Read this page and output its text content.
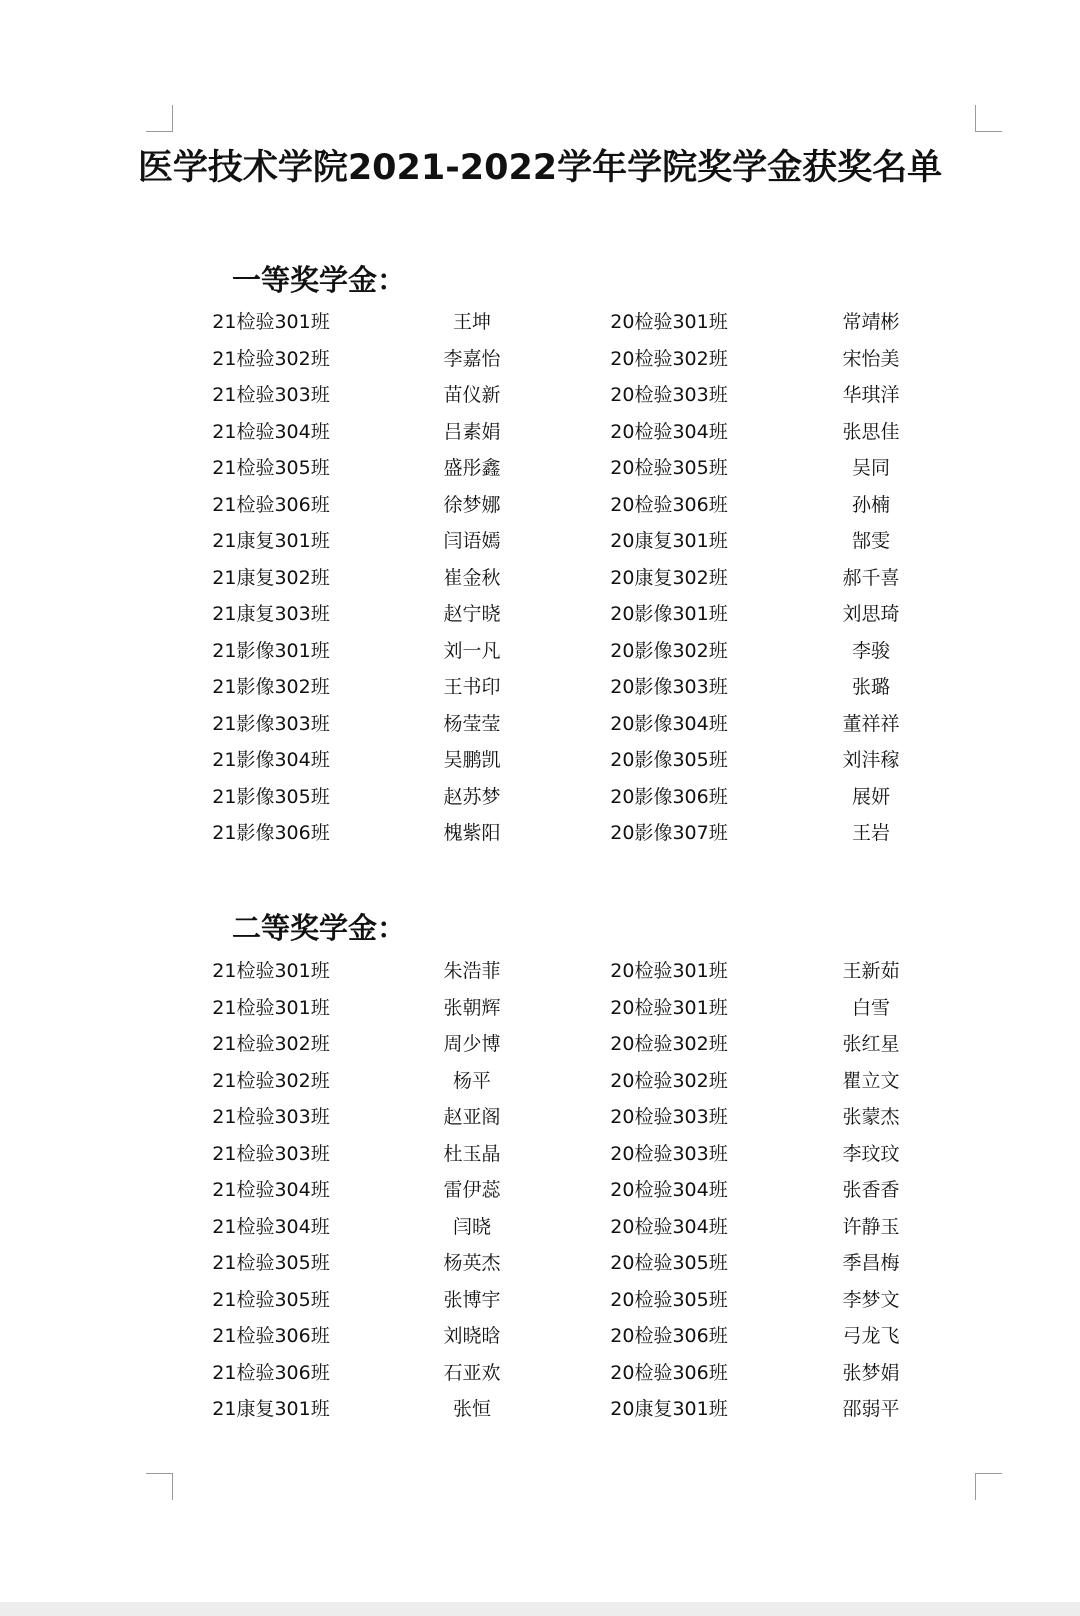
医学技术学院2021-2022学年学院奖学金获奖名单
一等奖学金：
21检验301班	王坤	20检验301班	常靖彬
21检验302班	李嘉怡	20检验302班	宋怡美
21检验303班	苗仪新	20检验303班	华琪洋
21检验304班	吕素娟	20检验304班	张思佳
21检验305班	盛彤鑫	20检验305班	吴同
21检验306班	徐梦娜	20检验306班	孙楠
21康复301班	闫语嫣	20康复301班	郜雯
21康复302班	崔金秋	20康复302班	郝千喜
21康复303班	赵宁晓	20影像301班	刘思琦
21影像301班	刘一凡	20影像302班	李骏
21影像302班	王书印	20影像303班	张璐
21影像303班	杨莹莹	20影像304班	董祥祥
21影像304班	吴鹏凯	20影像305班	刘沣稼
21影像305班	赵苏梦	20影像306班	展妍
21影像306班	槐紫阳	20影像307班	王岩
二等奖学金：
21检验301班	朱浩菲	20检验301班	王新茹
21检验301班	张朝辉	20检验301班	白雪
21检验302班	周少博	20检验302班	张红星
21检验302班	杨平	20检验302班	瞿立文
21检验303班	赵亚阁	20检验303班	张蒙杰
21检验303班	杜玉晶	20检验303班	李玟玟
21检验304班	雷伊蕊	20检验304班	张香香
21检验304班	闫晓	20检验304班	许静玉
21检验305班	杨英杰	20检验305班	季昌梅
21检验305班	张博宇	20检验305班	李梦文
21检验306班	刘晓晗	20检验306班	弓龙飞
21检验306班	石亚欢	20检验306班	张梦娟
21康复301班	张恒	20康复301班	邵弱平
